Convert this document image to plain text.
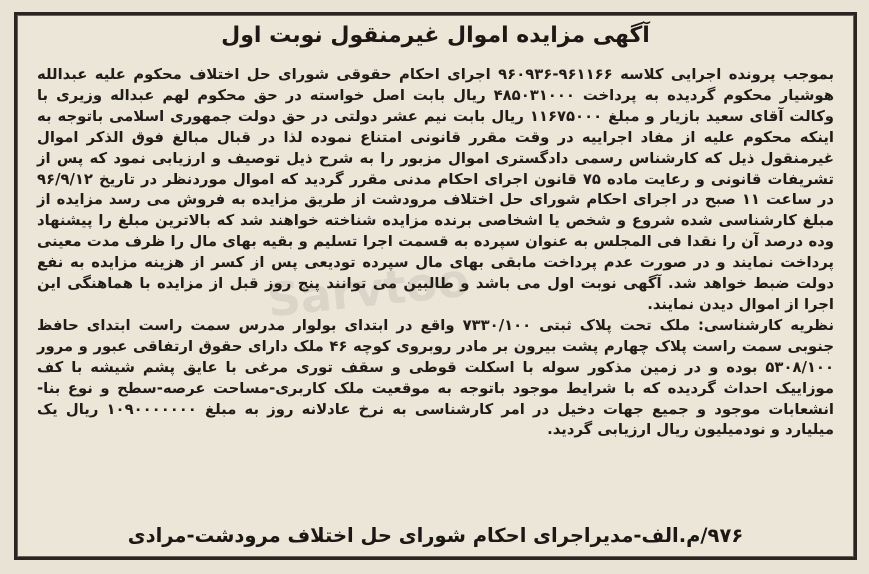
Sarvtoo
آگهی مزایده اموال غیرمنقول نوبت اول

بموجب پرونده اجرایی کلاسه ۹۶۱۱۶۶-۹۶۰۹۳۶ اجرای احکام حقوقی شورای حل اختلاف محکوم علیه عبدالله هوشیار محکوم گردیده به پرداخت ۴۸۵۰۳۱۰۰۰ ریال بابت اصل خواسته در حق محکوم لهم عبداله وزیری با وکالت آقای سعید بازیار و مبلغ ۱۱۶۷۵۰۰۰ ریال بابت نیم عشر دولتی در حق دولت جمهوری اسلامی باتوجه به اینکه محکوم علیه از مفاد اجراییه در وقت مقرر قانونی امتناع نموده لذا در قبال مبالغ فوق الذکر اموال غیرمنقول ذیل که کارشناس رسمی دادگستری اموال مزبور را به شرح ذیل توصیف و ارزیابی نمود که پس از تشریفات قانونی و رعایت ماده ۷۵ قانون اجرای احکام مدنی مقرر گردید که اموال موردنظر در تاریخ ۹۶/۹/۱۲ در ساعت ۱۱ صبح در اجرای احکام شورای حل اختلاف مرودشت از طریق مزایده به فروش می رسد مزایده از مبلغ کارشناسی شده شروع و شخص یا اشخاصی برنده مزایده شناخته خواهند شد که بالاترین مبلغ را پیشنهاد وده درصد آن را نقدا فی المجلس به عنوان سپرده به قسمت اجرا تسلیم و بقیه بهای مال را ظرف مدت معینی پرداخت نمایند و در صورت عدم پرداخت مابقی بهای مال سپرده تودیعی پس از کسر از هزینه مزایده به نفع دولت ضبط خواهد شد. آگهی نوبت اول می باشد و طالبین می توانند پنج روز قبل از مزایده با هماهنگی این اجرا از اموال دیدن نمایند.

نظریه کارشناسی: ملک تحت پلاک ثبتی ۷۳۳۰/۱۰۰ واقع در ابتدای بولوار مدرس سمت راست ابتدای حافظ جنوبی سمت راست پلاک چهارم پشت بیرون بر مادر روبروی کوچه ۴۶ ملک دارای حقوق ارتفاقی عبور و مرور ۵۳۰۸/۱۰۰ بوده و در زمین مذکور سوله با اسکلت قوطی و سقف توری مرغی با عایق پشم شیشه با کف موزاییک احداث گردیده که با شرایط موجود باتوجه به موقعیت ملک کاربری-مساحت عرصه-سطح و نوع بنا- انشعابات موجود و جمیع جهات دخیل در امر کارشناسی به نرخ عادلانه روز به مبلغ ۱۰۹۰۰۰۰۰۰۰ ریال یک میلیارد و نودمیلیون ریال ارزیابی گردید.

۹۷۶/م.الف-مدیراجرای احکام شورای حل اختلاف مرودشت-مرادی
